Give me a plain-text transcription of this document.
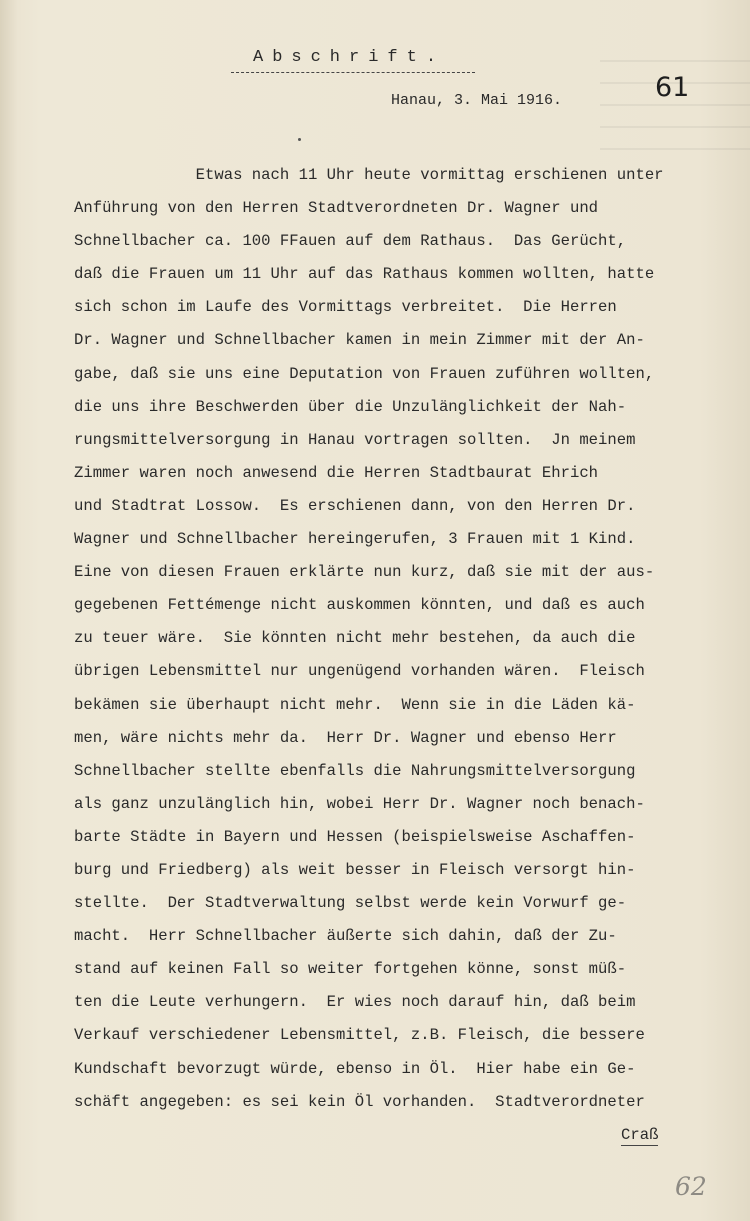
Abschrift.
61
Hanau, 3. Mai 1916.
Etwas nach 11 Uhr heute vormittag erschienen unter
Anführung von den Herren Stadtverordneten Dr. Wagner und
Schnellbacher ca. 100 FFauen auf dem Rathaus.  Das Gerücht,
daß die Frauen um 11 Uhr auf das Rathaus kommen wollten, hatte
sich schon im Laufe des Vormittags verbreitet.  Die Herren
Dr. Wagner und Schnellbacher kamen in mein Zimmer mit der An-
gabe, daß sie uns eine Deputation von Frauen zuführen wollten,
die uns ihre Beschwerden über die Unzulänglichkeit der Nah-
rungsmittelversorgung in Hanau vortragen sollten.  Jn meinem
Zimmer waren noch anwesend die Herren Stadtbaurat Ehrich
und Stadtrat Lossow.  Es erschienen dann, von den Herren Dr.
Wagner und Schnellbacher hereingerufen, 3 Frauen mit 1 Kind.
Eine von diesen Frauen erklärte nun kurz, daß sie mit der aus-
gegebenen Fettémenge nicht auskommen könnten, und daß es auch
zu teuer wäre.  Sie könnten nicht mehr bestehen, da auch die
übrigen Lebensmittel nur ungenügend vorhanden wären.  Fleisch
bekämen sie überhaupt nicht mehr.  Wenn sie in die Läden kä-
men, wäre nichts mehr da.  Herr Dr. Wagner und ebenso Herr
Schnellbacher stellte ebenfalls die Nahrungsmittelversorgung
als ganz unzulänglich hin, wobei Herr Dr. Wagner noch benach-
barte Städte in Bayern und Hessen (beispielsweise Aschaffen-
burg und Friedberg) als weit besser in Fleisch versorgt hin-
stellte.  Der Stadtverwaltung selbst werde kein Vorwurf ge-
macht.  Herr Schnellbacher äußerte sich dahin, daß der Zu-
stand auf keinen Fall so weiter fortgehen könne, sonst müß-
ten die Leute verhungern.  Er wies noch darauf hin, daß beim
Verkauf verschiedener Lebensmittel, z.B. Fleisch, die bessere
Kundschaft bevorzugt würde, ebenso in Öl.  Hier habe ein Ge-
schäft angegeben: es sei kein Öl vorhanden.  Stadtverordneter
Craß
62
